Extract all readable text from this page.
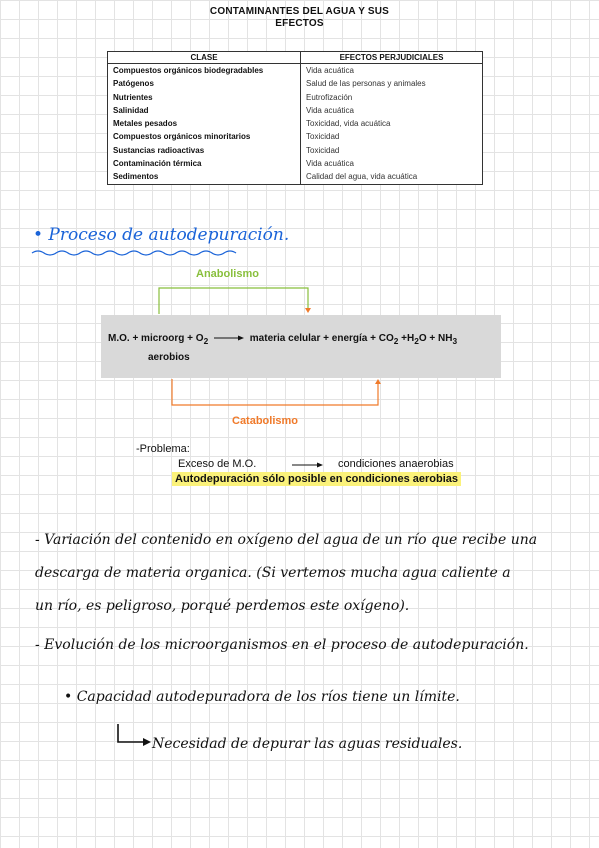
CONTAMINANTES DEL AGUA Y SUS
EFECTOS
CLASE	EFECTOS PERJUDICIALES
Compuestos orgánicos biodegradables	Vida acuática
Patógenos	Salud de las personas y animales
Nutrientes	Eutrofización
Salinidad	Vida acuática
Metales pesados	Toxicidad, vida acuática
Compuestos orgánicos minoritarios	Toxicidad
Sustancias radioactivas	Toxicidad
Contaminación térmica	Vida acuática
Sedimentos	Calidad del agua, vida acuática
• Proceso de autodepuración.
Anabolismo
M.O. + microorg + $O_2$ → materia celular + energía + $CO_2 +H_2O + NH_3$
aerobios
Catabolismo
-Problema:
Exceso de M.O.	condiciones anaerobias
Autodepuración sólo posible en condiciones aerobias
- Variación del contenido en oxígeno del agua de un río que recibe una
descarga de materia organica. (Si vertemos mucha agua caliente a
un río, es peligroso, porqué perdemos este oxígeno).
- Evolución de los microorganismos en el proceso de autodepuración.
• Capacidad autodepuradora de los ríos tiene un límite.
Necesidad de depurar las aguas residuales.
